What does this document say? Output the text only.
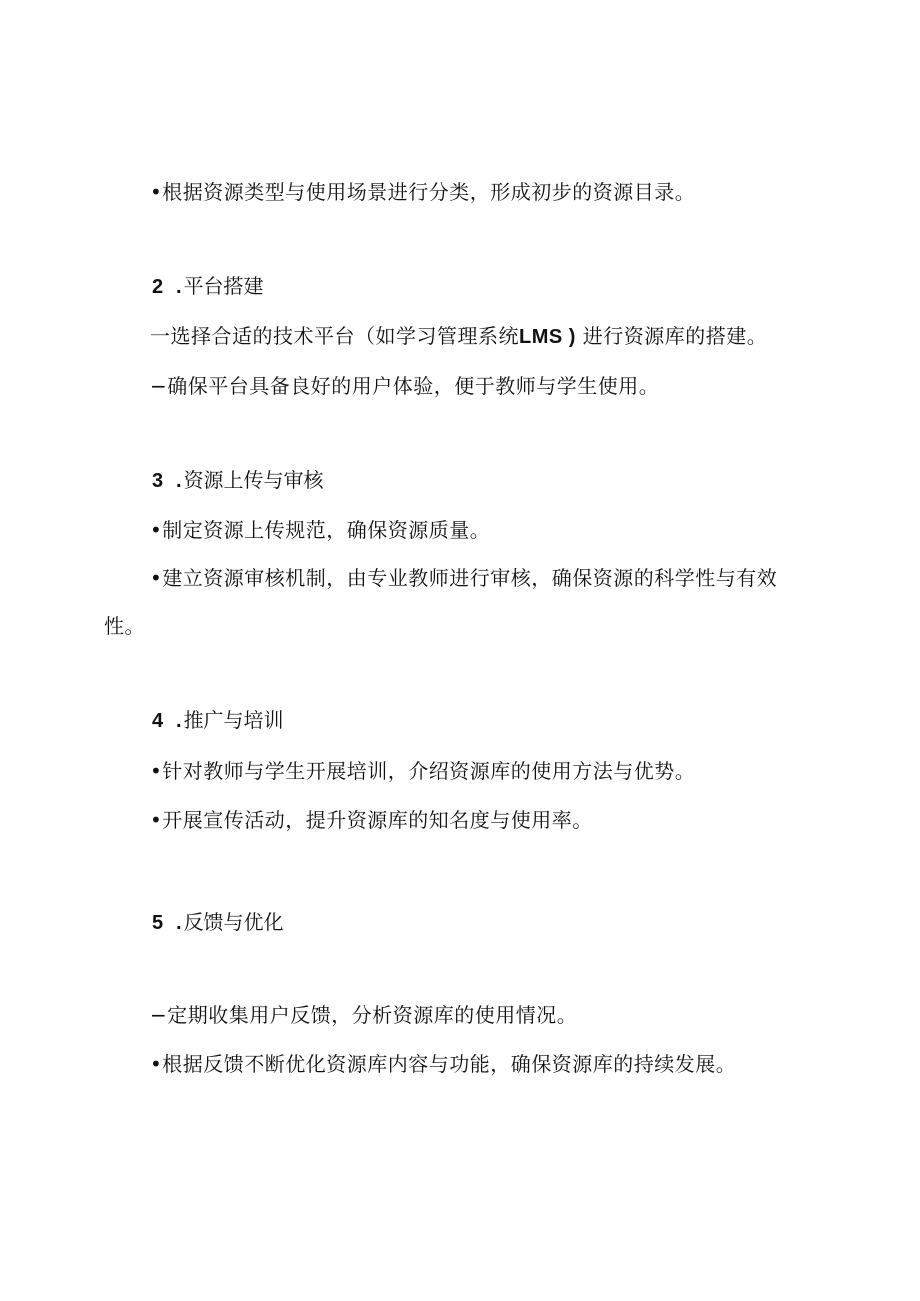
•根据资源类型与使用场景进行分类，形成初步的资源目录。
2 . 平台搭建
一选择合适的技术平台（如学习管理系统LMS ) 进行资源库的搭建。
−确保平台具备良好的用户体验，便于教师与学生使用。
3 . 资源上传与审核
•制定资源上传规范，确保资源质量。
•建立资源审核机制，由专业教师进行审核，确保资源的科学性与有效
性。
4 . 推广与培训
•针对教师与学生开展培训，介绍资源库的使用方法与优势。
•开展宣传活动，提升资源库的知名度与使用率。
5 . 反馈与优化
−定期收集用户反馈，分析资源库的使用情况。
•根据反馈不断优化资源库内容与功能，确保资源库的持续发展。
